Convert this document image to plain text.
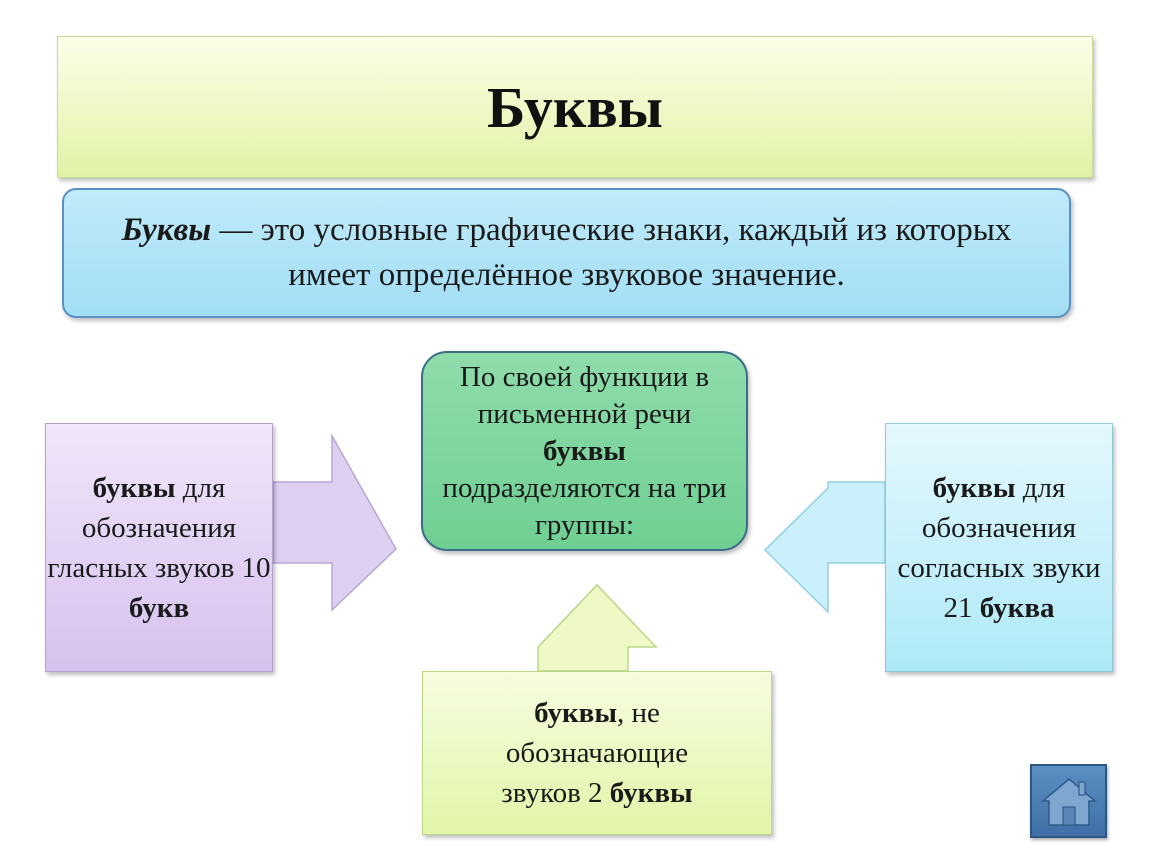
Буквы
Буквы — это условные графические знаки, каждый из которых имеет определённое звуковое значение.
По своей функции в письменной речи буквы подразделяются на три группы:
буквы для обозначения гласных звуков 10 букв
буквы для обозначения согласных звуки 21 буква
буквы, не обозначающие звуков 2 буквы
